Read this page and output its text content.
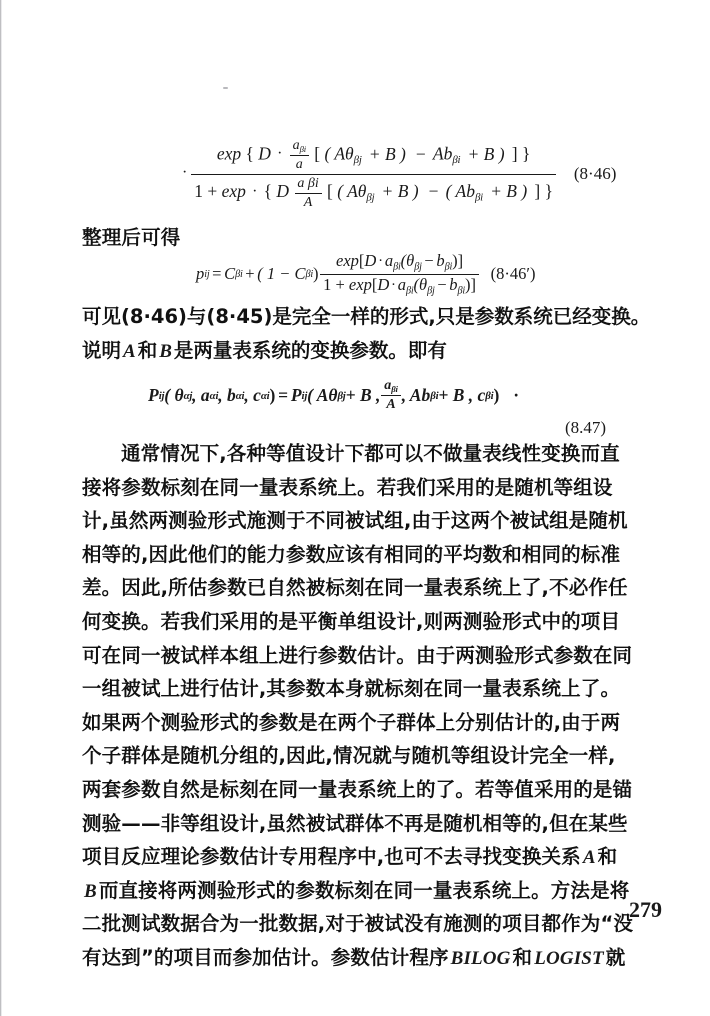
·
exp { $D \cdot \frac{a_{\beta i}}{a}$ [ ( $A\theta_{\beta j} + B$ ) − $Ab_{\beta i} + B$ ) ] }
1 + exp · { D $\frac{\text{a βi}}{A}$ [ ( $A\theta_{\beta j} + B$ ) − ( $Ab_{\beta i} + B$ ) ] }
(8·46)
整理后可得
p ij = C βi + ( 1 − C βi ) $\frac{\exp[D \cdot a_{\beta i}(\theta_{\beta j} - b_{\beta i})]}{1 + \exp[D \cdot a_{\beta i}(\theta_{\beta j} - b_{\beta i})]} (8\cdot 46')$
可见(8·46)与(8·45)是完全一样的形式,只是参数系统已经变换。
说明 A 和 B 是两量表系统的变换参数。即有
P ij ( θ αj , a αi , b αi , c αi ) = P ij ( Aθ βj + B , $\frac{a_{\beta i}}{A}$ , Ab βi + B , c βi ) ·
(8.47)
通常情况下,各种等值设计下都可以不做量表线性变换而直
接将参数标刻在同一量表系统上。若我们采用的是随机等组设
计,虽然两测验形式施测于不同被试组,由于这两个被试组是随机
相等的,因此他们的能力参数应该有相同的平均数和相同的标准
差。因此,所估参数已自然被标刻在同一量表系统上了,不必作任
何变换。若我们采用的是平衡单组设计,则两测验形式中的项目
可在同一被试样本组上进行参数估计。由于两测验形式参数在同
一组被试上进行估计,其参数本身就标刻在同一量表系统上了。
如果两个测验形式的参数是在两个子群体上分别估计的,由于两
个子群体是随机分组的,因此,情况就与随机等组设计完全一样,
两套参数自然是标刻在同一量表系统上的了。若等值采用的是锚
测验——非等组设计,虽然被试群体不再是随机相等的,但在某些
项目反应理论参数估计专用程序中,也可不去寻找变换关系 A 和
B 而直接将两测验形式的参数标刻在同一量表系统上。方法是将
二批测试数据合为一批数据,对于被试没有施测的项目都作为“没
有达到”的项目而参加估计。参数估计程序 BILOG 和 LOGIST 就
279
